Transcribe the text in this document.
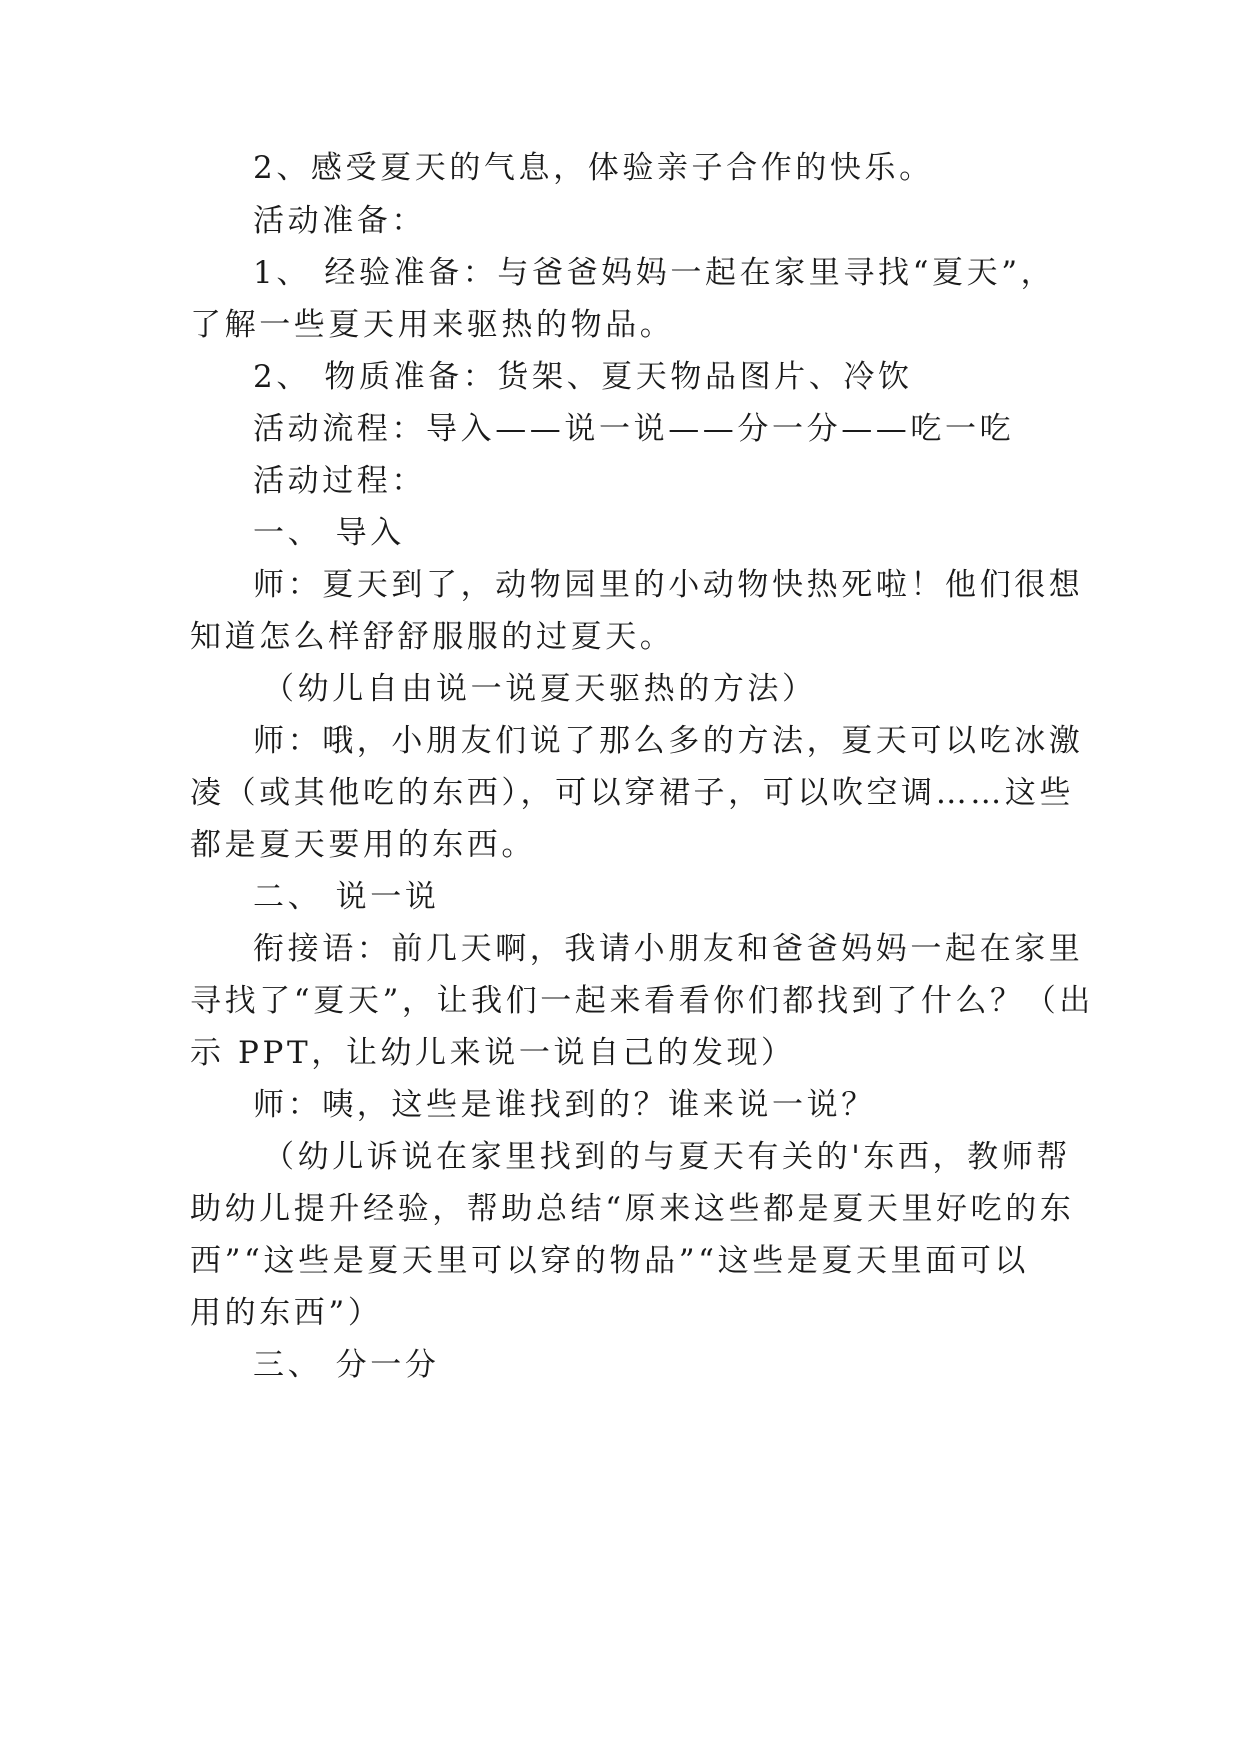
2、感受夏天的气息，体验亲子合作的快乐。

活动准备：

1、 经验准备：与爸爸妈妈一起在家里寻找“夏天”，

了解一些夏天用来驱热的物品。

2、 物质准备：货架、夏天物品图片、冷饮

活动流程：导入——说一说——分一分——吃一吃

活动过程：

一、 导入

师：夏天到了，动物园里的小动物快热死啦！他们很想

知道怎么样舒舒服服的过夏天。

（幼儿自由说一说夏天驱热的方法）

师：哦，小朋友们说了那么多的方法，夏天可以吃冰激

凌（或其他吃的东西），可以穿裙子，可以吹空调……这些

都是夏天要用的东西。

二、 说一说

衔接语：前几天啊，我请小朋友和爸爸妈妈一起在家里

寻找了“夏天”，让我们一起来看看你们都找到了什么？（出

示 PPT，让幼儿来说一说自己的发现）

师：咦，这些是谁找到的？谁来说一说？

（幼儿诉说在家里找到的与夏天有关的'东西，教师帮

助幼儿提升经验，帮助总结“原来这些都是夏天里好吃的东

西”“这些是夏天里可以穿的物品”“这些是夏天里面可以

用的东西”）

三、 分一分
